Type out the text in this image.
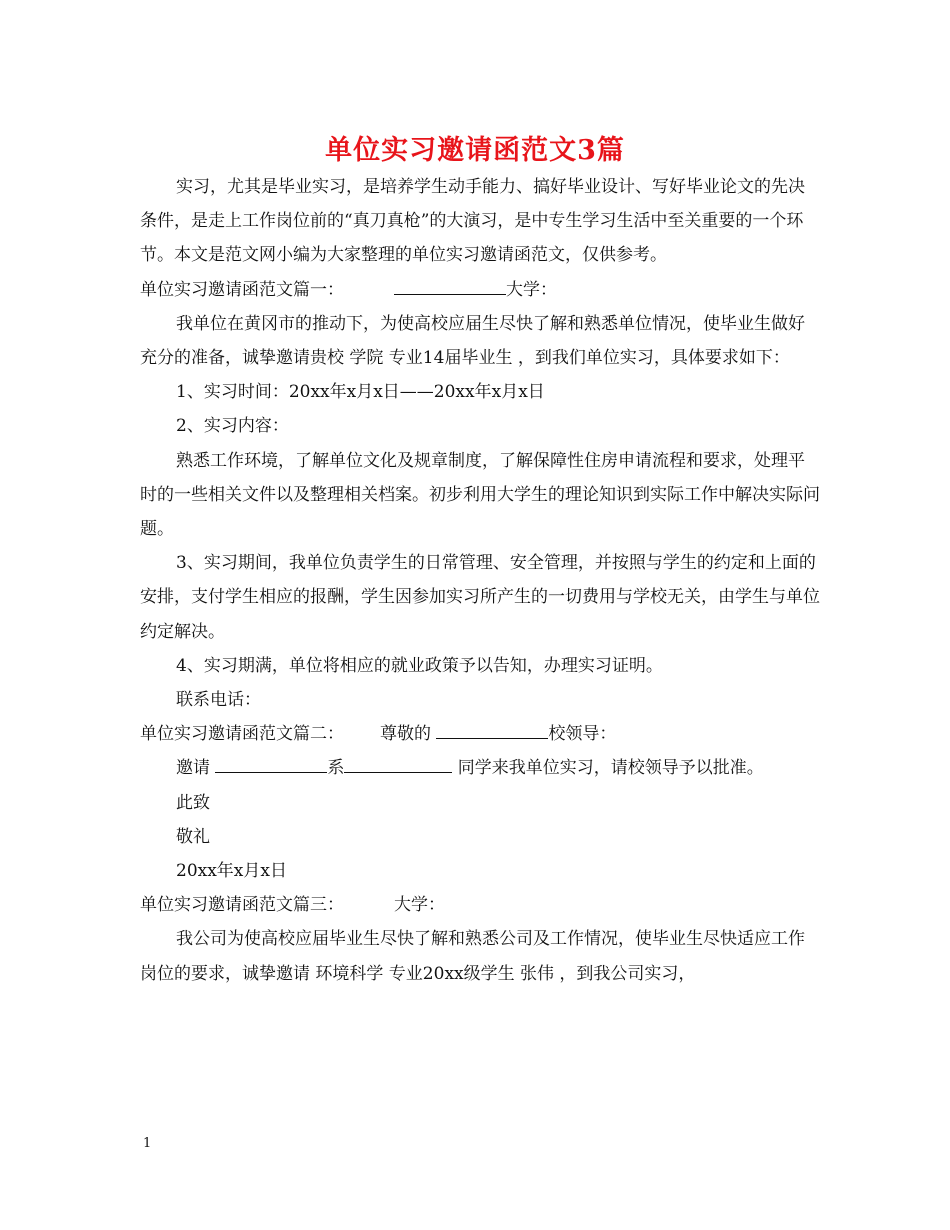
单位实习邀请函范文3篇

实习，尤其是毕业实习，是培养学生动手能力、搞好毕业设计、写好毕业论文的先决条件，是走上工作岗位前的“真刀真枪”的大演习，是中专生学习生活中至关重要的一个环节。本文是范文网小编为大家整理的单位实习邀请函范文，仅供参考。

单位实习邀请函范文篇一：	大学：

我单位在黄冈市的推动下，为使高校应届生尽快了解和熟悉单位情况，使毕业生做好充分的准备，诚挚邀请贵校 学院 专业14届毕业生 ，到我们单位实习，具体要求如下：

1、实习时间：20xx年x月x日——20xx年x月x日

2、实习内容：

熟悉工作环境，了解单位文化及规章制度，了解保障性住房申请流程和要求，处理平时的一些相关文件以及整理相关档案。初步利用大学生的理论知识到实际工作中解决实际问题。

3、实习期间，我单位负责学生的日常管理、安全管理，并按照与学生的约定和上面的安排，支付学生相应的报酬，学生因参加实习所产生的一切费用与学校无关，由学生与单位约定解决。

4、实习期满，单位将相应的就业政策予以告知，办理实习证明。

联系电话：

单位实习邀请函范文篇二： 尊敬的	校领导：

邀请	系	同学来我单位实习，请校领导予以批准。

此致

敬礼

20xx年x月x日

单位实习邀请函范文篇三：	大学：

我公司为使高校应届毕业生尽快了解和熟悉公司及工作情况，使毕业生尽快适应工作岗位的要求，诚挚邀请 环境科学 专业20xx级学生 张伟 ，到我公司实习，

1
